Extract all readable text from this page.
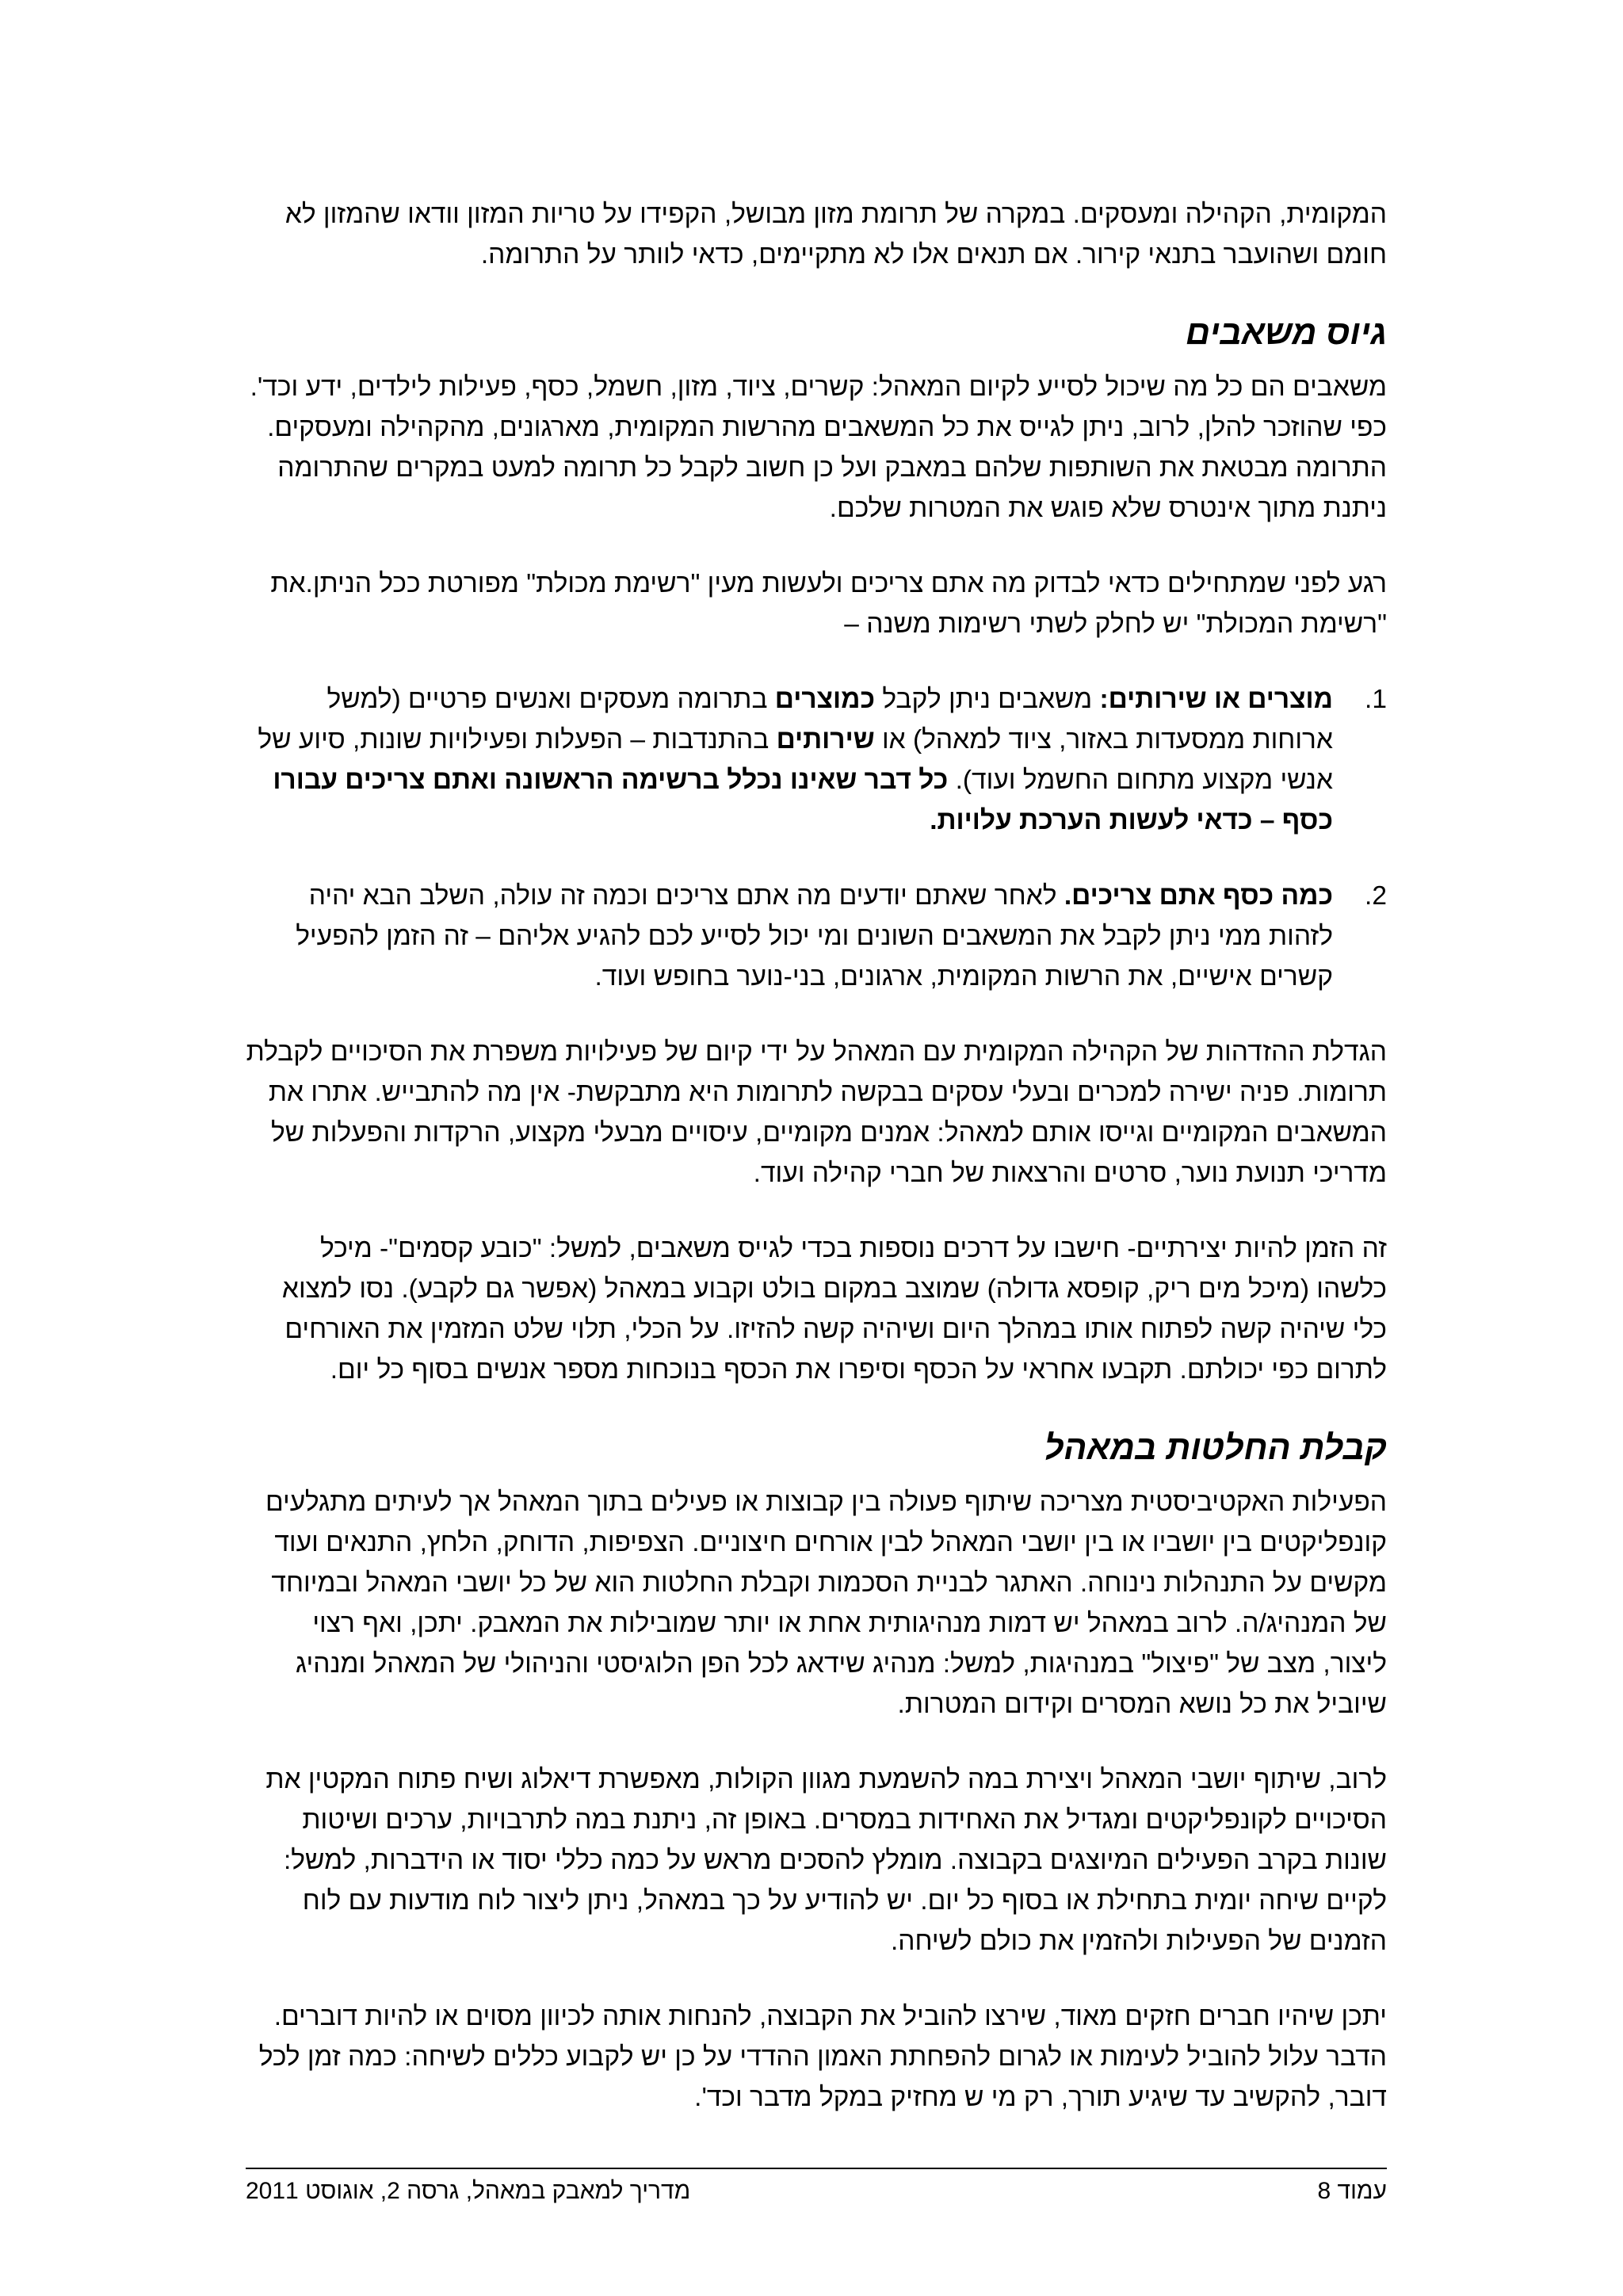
המקומית, הקהילה ומעסקים. במקרה של תרומת מזון מבושל, הקפידו על טריות המזון וודאו שהמזון לא חומם ושהועבר בתנאי קירור. אם תנאים אלו לא מתקיימים, כדאי לוותר על התרומה.

גיוס משאבים

משאבים הם כל מה שיכול לסייע לקיום המאהל: קשרים, ציוד, מזון, חשמל, כסף, פעילות לילדים, ידע וכד'. כפי שהוזכר להלן, לרוב, ניתן לגייס את כל המשאבים מהרשות המקומית, מארגונים, מהקהילה ומעסקים. התרומה מבטאת את השותפות שלהם במאבק ועל כן חשוב לקבל כל תרומה למעט במקרים שהתרומה ניתנת מתוך אינטרס שלא פוגש את המטרות שלכם.

רגע לפני שמתחילים כדאי לבדוק מה אתם צריכים ולעשות מעין "רשימת מכולת" מפורטת ככל הניתן.את "רשימת המכולת" יש לחלק לשתי רשימות משנה –

1.
מוצרים או שירותים: משאבים ניתן לקבל כמוצרים בתרומה מעסקים ואנשים פרטיים (למשל ארוחות ממסעדות באזור, ציוד למאהל) או שירותים בהתנדבות – הפעלות ופעילויות שונות, סיוע של אנשי מקצוע מתחום החשמל ועוד). כל דבר שאינו נכלל ברשימה הראשונה ואתם צריכים עבורו כסף – כדאי לעשות הערכת עלויות.
2.
כמה כסף אתם צריכים. לאחר שאתם יודעים מה אתם צריכים וכמה זה עולה, השלב הבא יהיה לזהות ממי ניתן לקבל את המשאבים השונים ומי יכול לסייע לכם להגיע אליהם – זה הזמן להפעיל קשרים אישיים, את הרשות המקומית, ארגונים, בני-נוער בחופש ועוד.

הגדלת ההזדהות של הקהילה המקומית עם המאהל על ידי קיום של פעילויות משפרת את הסיכויים לקבלת תרומות. פניה ישירה למכרים ובעלי עסקים בבקשה לתרומות היא מתבקשת- אין מה להתבייש. אתרו את המשאבים המקומיים וגייסו אותם למאהל: אמנים מקומיים, עיסויים מבעלי מקצוע, הרקדות והפעלות של מדריכי תנועת נוער, סרטים והרצאות של חברי קהילה ועוד.

זה הזמן להיות יצירתיים- חישבו על דרכים נוספות בכדי לגייס משאבים, למשל: "כובע קסמים"- מיכל כלשהו (מיכל מים ריק, קופסא גדולה) שמוצב במקום בולט וקבוע במאהל (אפשר גם לקבע). נסו למצוא כלי שיהיה קשה לפתוח אותו במהלך היום ושיהיה קשה להזיזו. על הכלי, תלוי שלט המזמין את האורחים לתרום כפי יכולתם. תקבעו אחראי על הכסף וסיפרו את הכסף בנוכחות מספר אנשים בסוף כל יום.

קבלת החלטות במאהל

הפעילות האקטיביסטית מצריכה שיתוף פעולה בין קבוצות או פעילים בתוך המאהל אך לעיתים מתגלעים קונפליקטים בין יושביו או בין יושבי המאהל לבין אורחים חיצוניים. הצפיפות, הדוחק, הלחץ, התנאים ועוד מקשים על התנהלות נינוחה. האתגר לבניית הסכמות וקבלת החלטות הוא של כל יושבי המאהל ובמיוחד של המנהיג/ה. לרוב במאהל יש דמות מנהיגותית אחת או יותר שמובילות את המאבק. יתכן, ואף רצוי ליצור, מצב של "פיצול" במנהיגות, למשל: מנהיג שידאג לכל הפן הלוגיסטי והניהולי של המאהל ומנהיג שיוביל את כל נושא המסרים וקידום המטרות.

לרוב, שיתוף יושבי המאהל ויצירת במה להשמעת מגוון הקולות, מאפשרת דיאלוג ושיח פתוח המקטין את הסיכויים לקונפליקטים ומגדיל את האחידות במסרים. באופן זה, ניתנת במה לתרבויות, ערכים ושיטות שונות בקרב הפעילים המיוצגים בקבוצה. מומלץ להסכים מראש על כמה כללי יסוד או הידברות, למשל: לקיים שיחה יומית בתחילת או בסוף כל יום. יש להודיע על כך במאהל, ניתן ליצור לוח מודעות עם לוח הזמנים של הפעילות ולהזמין את כולם לשיחה.

יתכן שיהיו חברים חזקים מאוד, שירצו להוביל את הקבוצה, להנחות אותה לכיוון מסוים או להיות דוברים. הדבר עלול להוביל לעימות או לגרום להפחתת האמון ההדדי על כן יש לקבוע כללים לשיחה: כמה זמן לכל דובר, להקשיב עד שיגיע תורך, רק מי ש מחזיק במקל מדבר וכד'.

עמוד 8
מדריך למאבק במאהל, גרסה 2, אוגוסט 2011
